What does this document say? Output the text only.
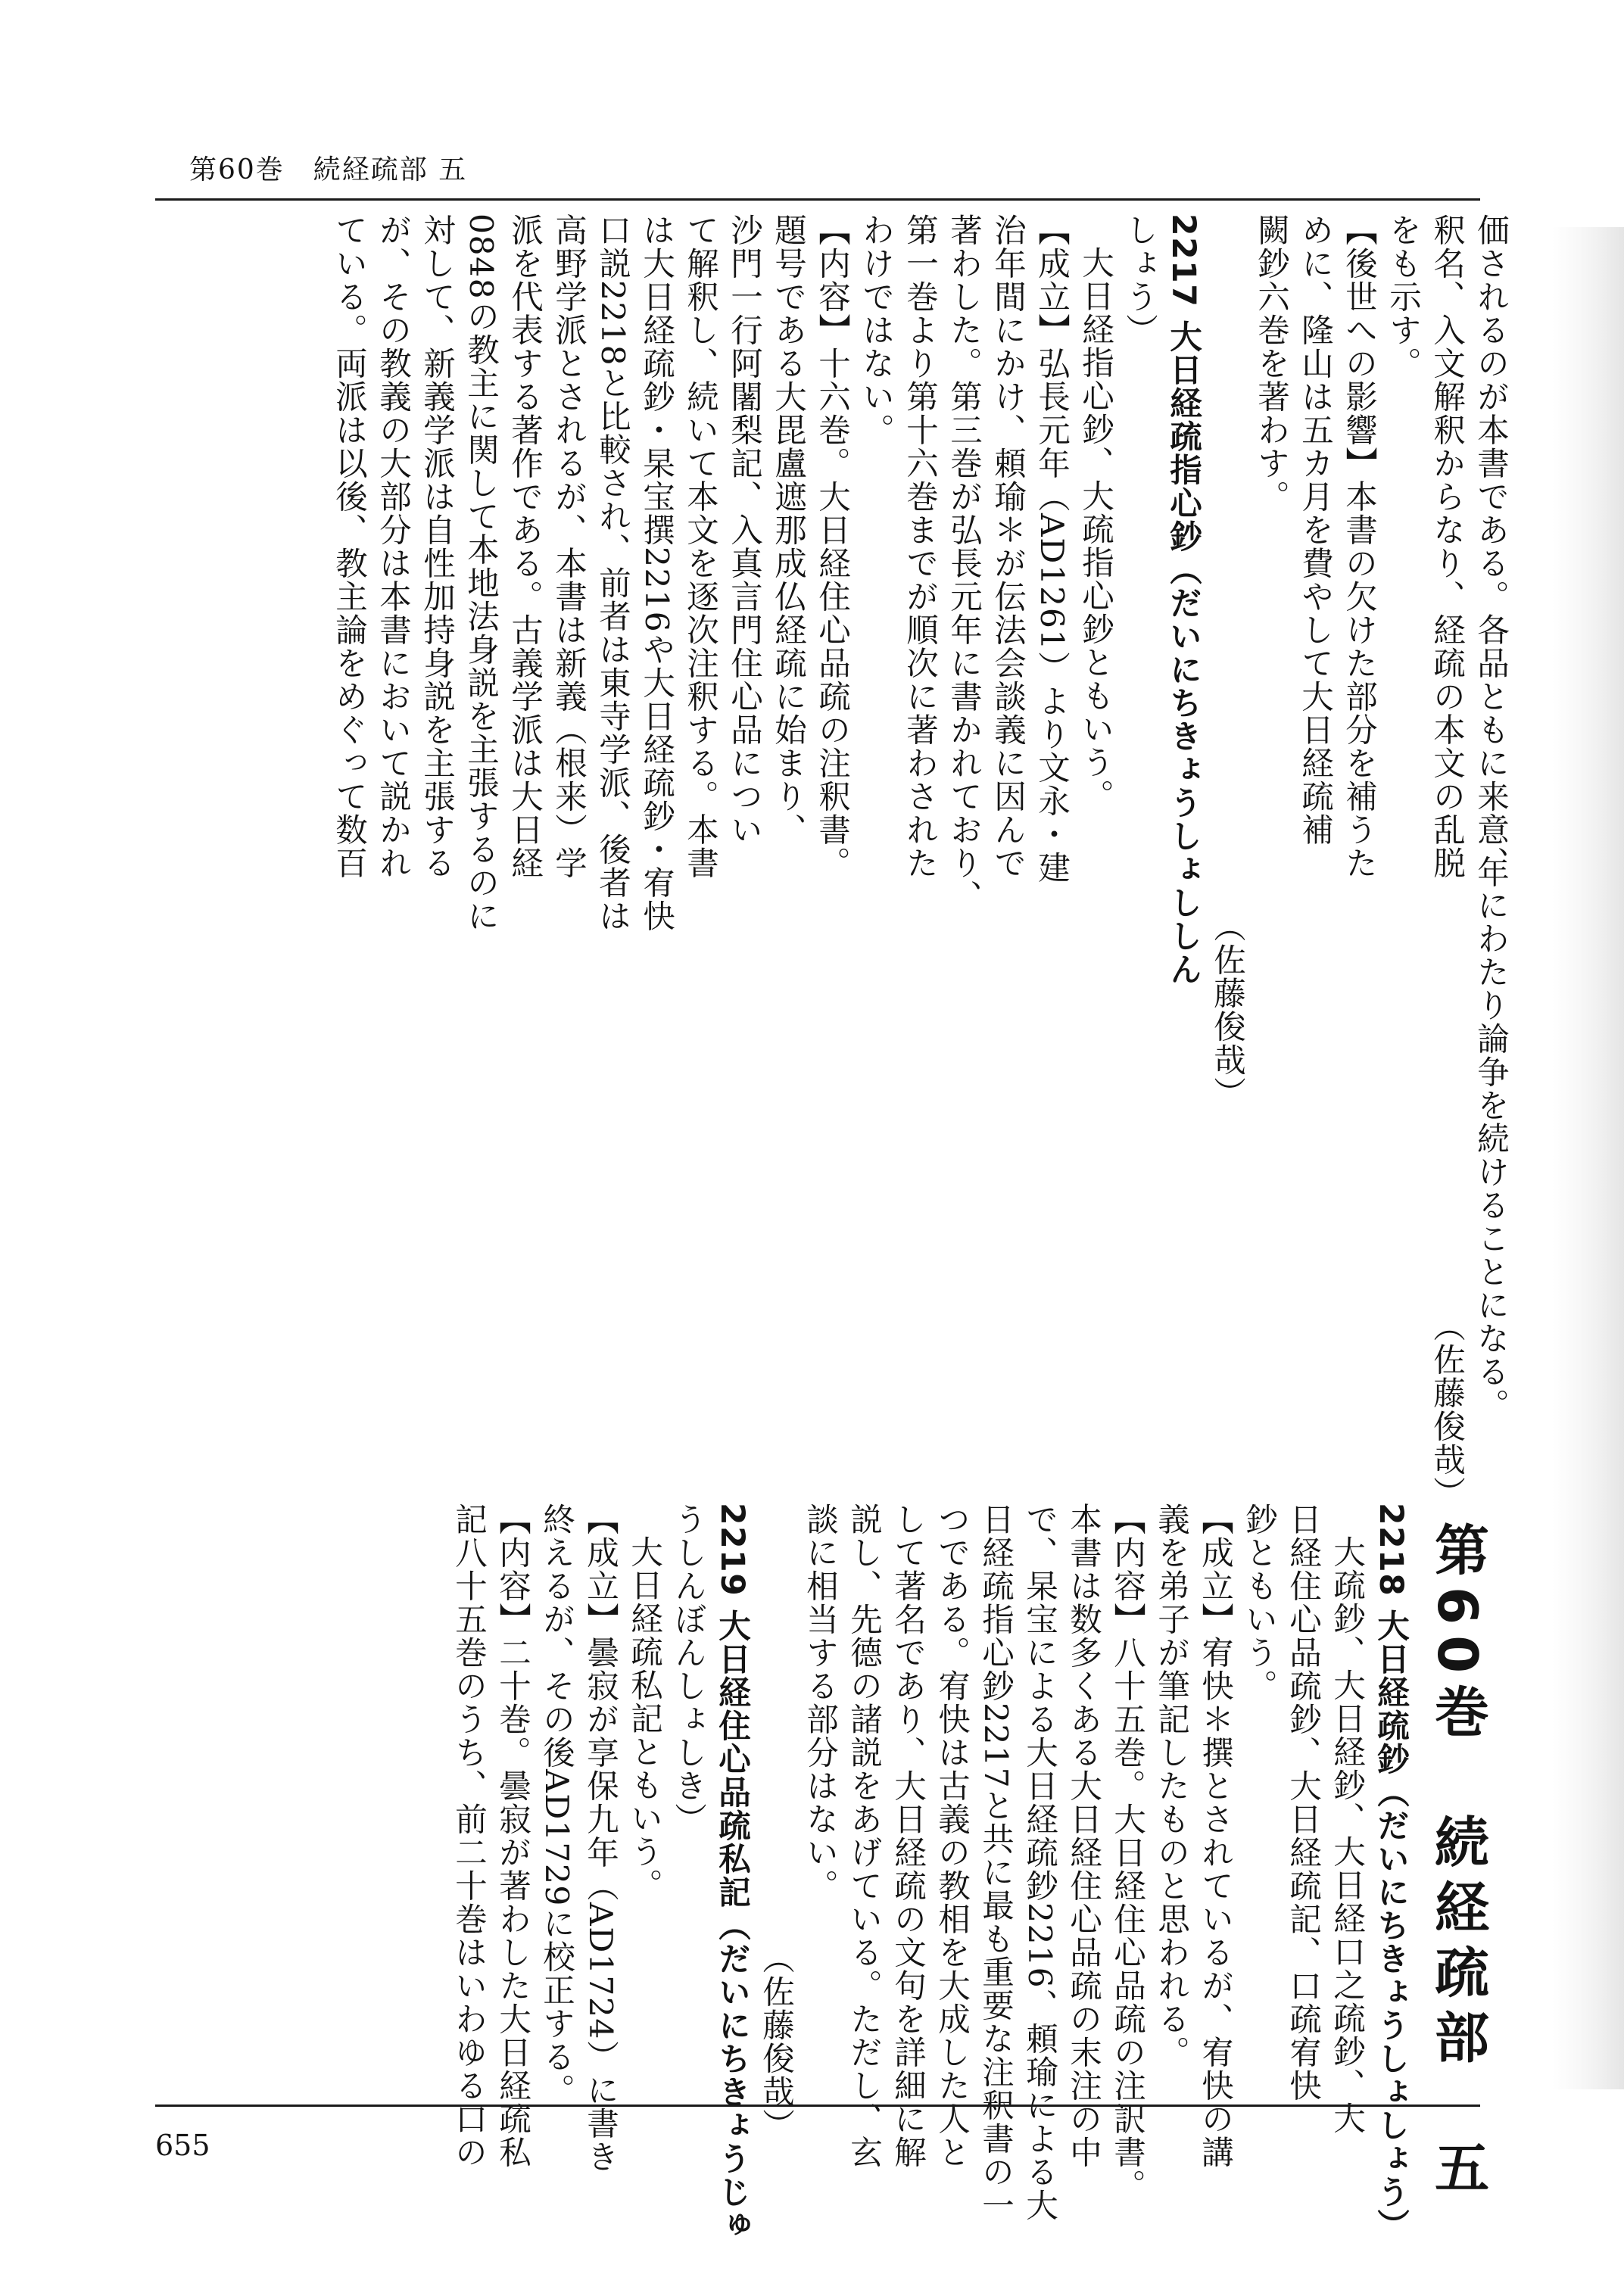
第60巻　続経疏部 五

価されるのが本書である。各品ともに来意、

釈名、入文解釈からなり、経疏の本文の乱脱

をも示す。

【後世への影響】本書の欠けた部分を補うた

めに、隆山は五カ月を費やして大日経疏補

闕鈔六巻を著わす。

（佐藤俊哉）

2217 大日経疏指心鈔（だいにちきょうしょししん

しょう）

大日経指心鈔、大疏指心鈔ともいう。

【成立】弘長元年（AD1261）より文永・建

治年間にかけ、頼瑜＊が伝法会談義に因んで

著わした。第三巻が弘長元年に書かれており、

第一巻より第十六巻までが順次に著わされた

わけではない。

【内容】十六巻。大日経住心品疏の注釈書。

題号である大毘盧遮那成仏経疏に始まり、

沙門一行阿闍梨記、入真言門住心品につい

て解釈し、続いて本文を逐次注釈する。本書

は大日経疏鈔・杲宝撰2216や大日経疏鈔・宥快

口説2218と比較され、前者は東寺学派、後者は

高野学派とされるが、本書は新義（根来）学

派を代表する著作である。古義学派は大日経

0848の教主に関して本地法身説を主張するのに

対して、新義学派は自性加持身説を主張する

が、その教義の大部分は本書において説かれ

ている。両派は以後、教主論をめぐって数百

年にわたり論争を続けることになる。

（佐藤俊哉）

第60巻　続経疏部　五

2218 大日経疏鈔（だいにちきょうしょしょう）

大疏鈔、大日経鈔、大日経口之疏鈔、大

日経住心品疏鈔、大日経疏記、口疏宥快

鈔ともいう。

【成立】宥快＊撰とされているが、宥快の講

義を弟子が筆記したものと思われる。

【内容】八十五巻。大日経住心品疏の注訳書。

本書は数多くある大日経住心品疏の末注の中

で、杲宝による大日経疏鈔2216、頼瑜による大

日経疏指心鈔2217と共に最も重要な注釈書の一

つである。宥快は古義の教相を大成した人と

して著名であり、大日経疏の文句を詳細に解

説し、先德の諸説をあげている。ただし、玄

談に相当する部分はない。

（佐藤俊哉）

2219 大日経住心品疏私記（だいにちきょうじゅ

うしんぼんしょしき）

大日経疏私記ともいう。

【成立】曇寂が享保九年（AD1724）に書き

終えるが、その後AD1729に校正する。

【内容】二十巻。曇寂が著わした大日経疏私

記八十五巻のうち、前二十巻はいわゆる口の

655
